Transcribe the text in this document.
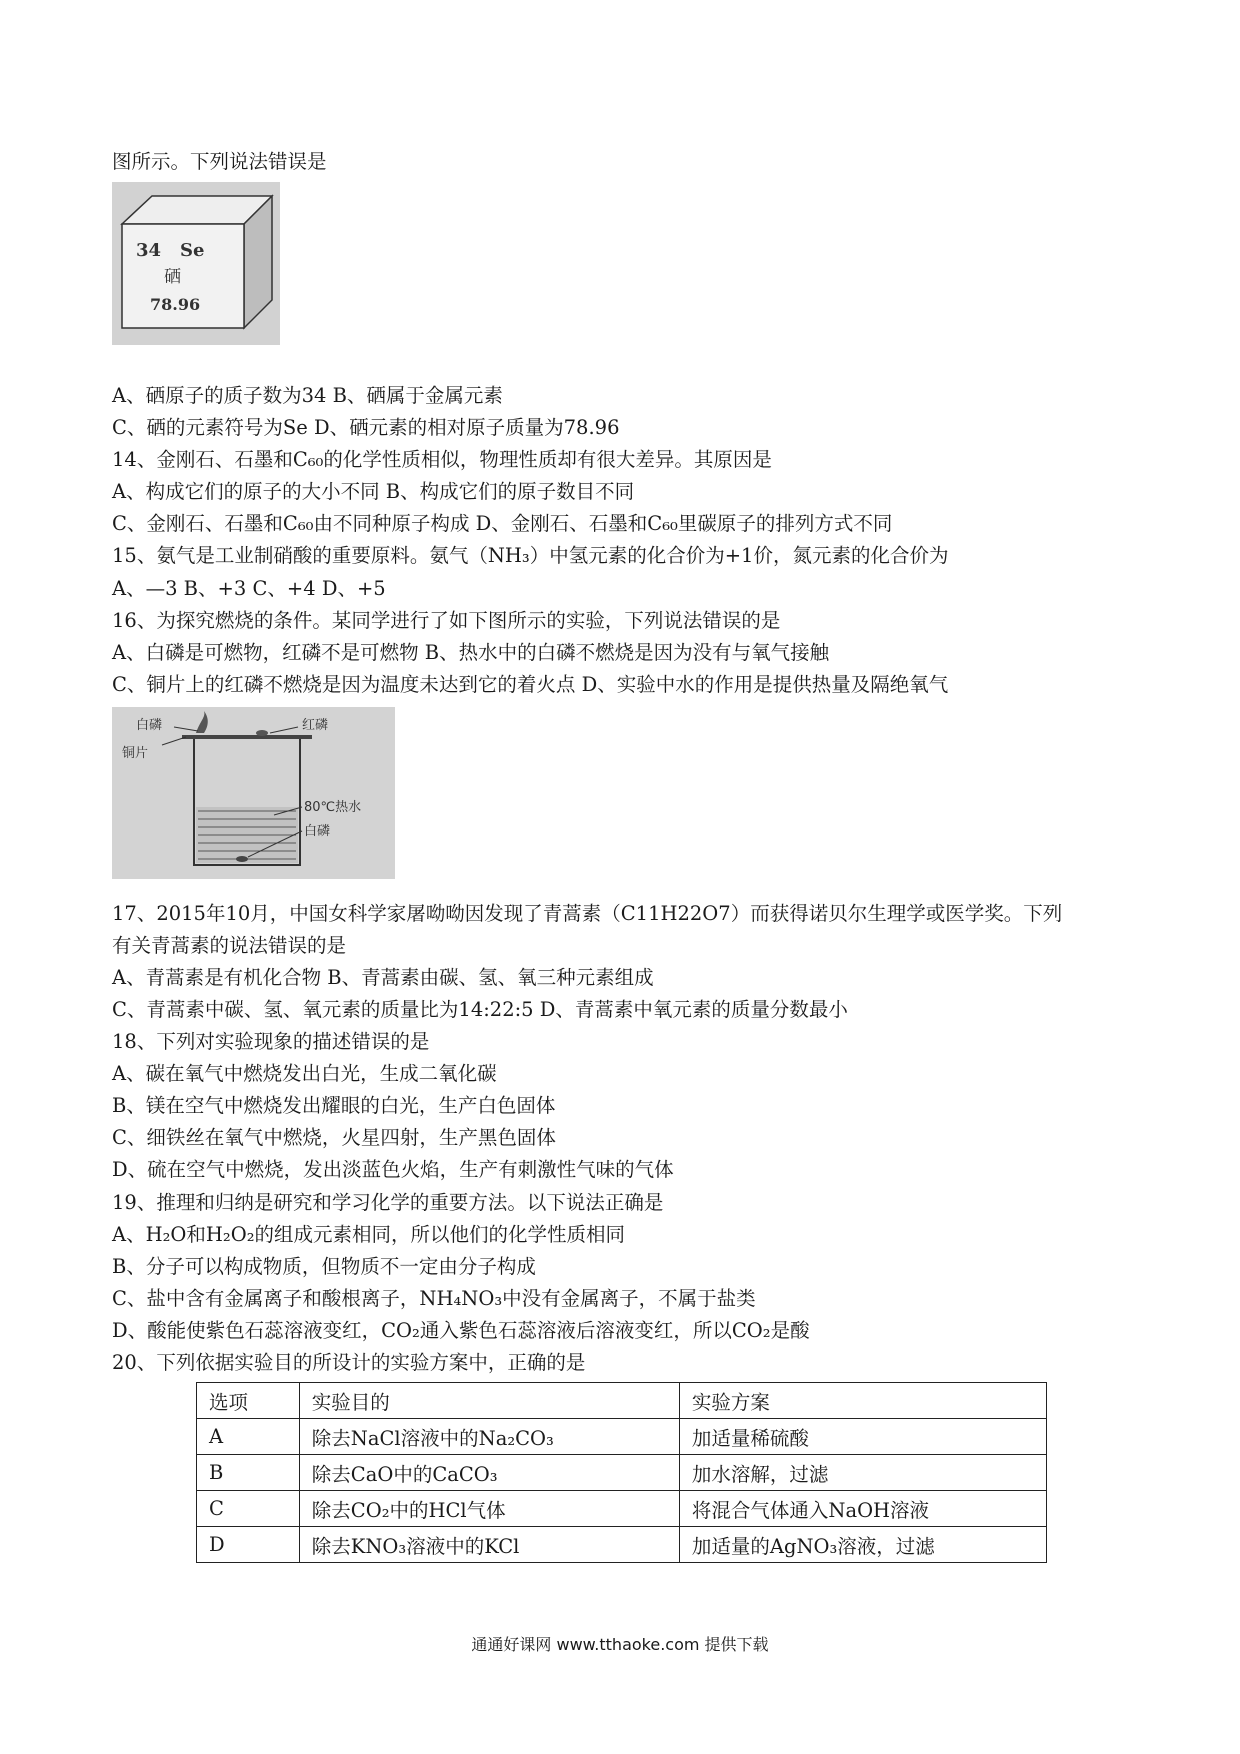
图所示。下列说法错误是
34 Se
硒
78.96
A、硒原子的质子数为34 B、硒属于金属元素
C、硒的元素符号为Se D、硒元素的相对原子质量为78.96
14、金刚石、石墨和C₆₀的化学性质相似，物理性质却有很大差异。其原因是
A、构成它们的原子的大小不同 B、构成它们的原子数目不同
C、金刚石、石墨和C₆₀由不同种原子构成 D、金刚石、石墨和C₆₀里碳原子的排列方式不同
15、氨气是工业制硝酸的重要原料。氨气（NH₃）中氢元素的化合价为+1价，氮元素的化合价为
A、—3 B、+3 C、+4 D、+5
16、为探究燃烧的条件。某同学进行了如下图所示的实验，下列说法错误的是
A、白磷是可燃物，红磷不是可燃物 B、热水中的白磷不燃烧是因为没有与氧气接触
C、铜片上的红磷不燃烧是因为温度未达到它的着火点 D、实验中水的作用是提供热量及隔绝氧气
白磷	红磷
铜片
80℃热水
白磷
17、2015年10月，中国女科学家屠呦呦因发现了青蒿素（C11H22O7）而获得诺贝尔生理学或医学奖。下列
有关青蒿素的说法错误的是
A、青蒿素是有机化合物 B、青蒿素由碳、氢、氧三种元素组成
C、青蒿素中碳、氢、氧元素的质量比为14:22:5 D、青蒿素中氧元素的质量分数最小
18、下列对实验现象的描述错误的是
A、碳在氧气中燃烧发出白光，生成二氧化碳
B、镁在空气中燃烧发出耀眼的白光，生产白色固体
C、细铁丝在氧气中燃烧，火星四射，生产黑色固体
D、硫在空气中燃烧，发出淡蓝色火焰，生产有刺激性气味的气体
19、推理和归纳是研究和学习化学的重要方法。以下说法正确是
A、H₂O和H₂O₂的组成元素相同，所以他们的化学性质相同
B、分子可以构成物质，但物质不一定由分子构成
C、盐中含有金属离子和酸根离子，NH₄NO₃中没有金属离子，不属于盐类
D、酸能使紫色石蕊溶液变红，CO₂通入紫色石蕊溶液后溶液变红，所以CO₂是酸
20、下列依据实验目的所设计的实验方案中，正确的是
选项	实验目的	实验方案
A	除去NaCl溶液中的Na₂CO₃	加适量稀硫酸
B	除去CaO中的CaCO₃	加水溶解，过滤
C	除去CO₂中的HCl气体	将混合气体通入NaOH溶液
D	除去KNO₃溶液中的KCl	加适量的AgNO₃溶液，过滤
通通好课网 www.tthaoke.com 提供下载
